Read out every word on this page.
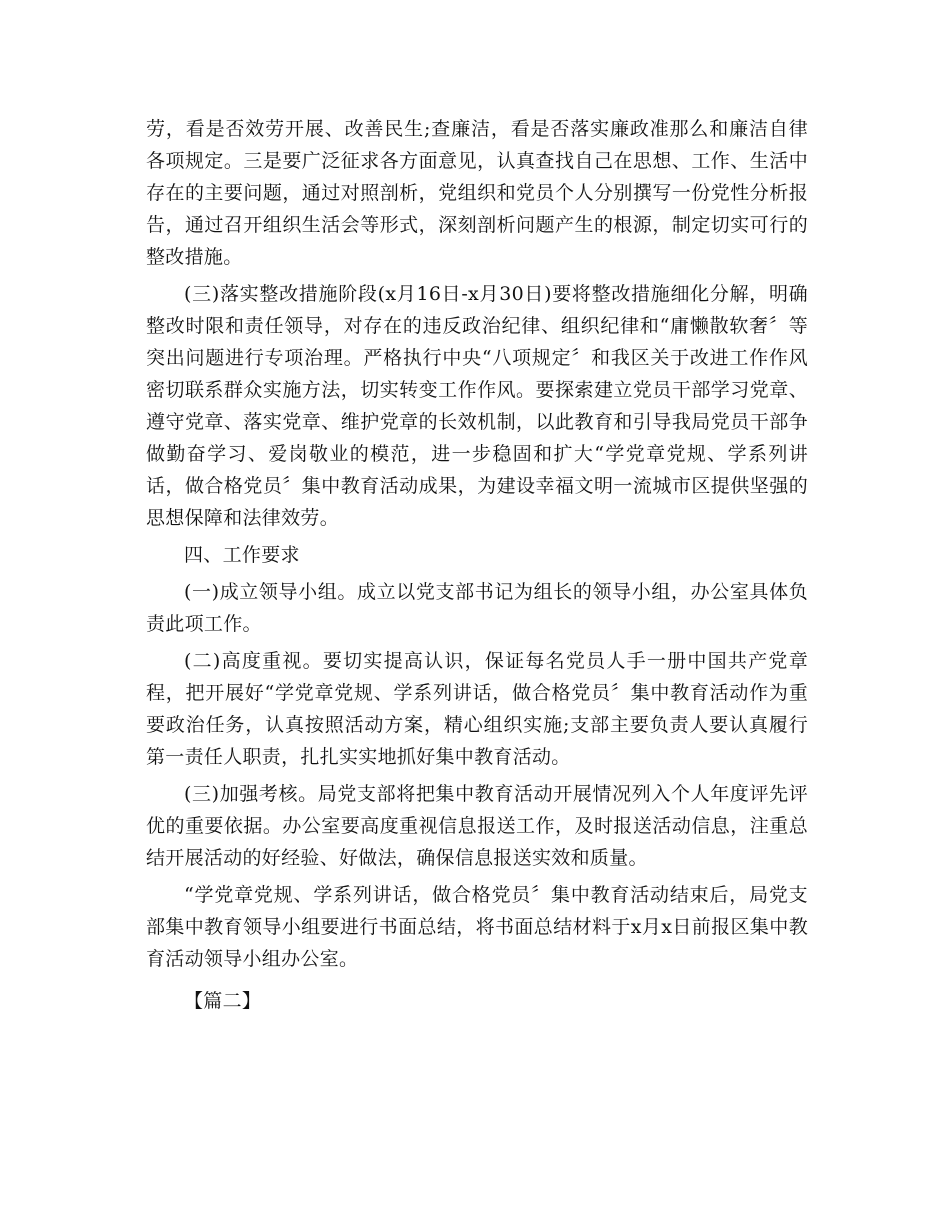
劳，看是否效劳开展、改善民生;查廉洁，看是否落实廉政准那么和廉洁自律各项规定。三是要广泛征求各方面意见，认真查找自己在思想、工作、生活中存在的主要问题，通过对照剖析，党组织和党员个人分别撰写一份党性分析报告，通过召开组织生活会等形式，深刻剖析问题产生的根源，制定切实可行的整改措施。

(三)落实整改措施阶段(x月16日-x月30日)要将整改措施细化分解，明确整改时限和责任领导，对存在的违反政治纪律、组织纪律和“庸懒散软奢〞等突出问题进行专项治理。严格执行中央“八项规定〞和我区关于改进工作作风密切联系群众实施方法，切实转变工作作风。要探索建立党员干部学习党章、遵守党章、落实党章、维护党章的长效机制，以此教育和引导我局党员干部争做勤奋学习、爱岗敬业的模范，进一步稳固和扩大“学党章党规、学系列讲话，做合格党员〞集中教育活动成果，为建设幸福文明一流城市区提供坚强的思想保障和法律效劳。

四、工作要求

(一)成立领导小组。成立以党支部书记为组长的领导小组，办公室具体负责此项工作。

(二)高度重视。要切实提高认识，保证每名党员人手一册中国共产党章程，把开展好“学党章党规、学系列讲话，做合格党员〞集中教育活动作为重要政治任务，认真按照活动方案，精心组织实施;支部主要负责人要认真履行第一责任人职责，扎扎实实地抓好集中教育活动。

(三)加强考核。局党支部将把集中教育活动开展情况列入个人年度评先评优的重要依据。办公室要高度重视信息报送工作，及时报送活动信息，注重总结开展活动的好经验、好做法，确保信息报送实效和质量。

“学党章党规、学系列讲话，做合格党员〞集中教育活动结束后，局党支部集中教育领导小组要进行书面总结，将书面总结材料于x月x日前报区集中教育活动领导小组办公室。

【篇二】
